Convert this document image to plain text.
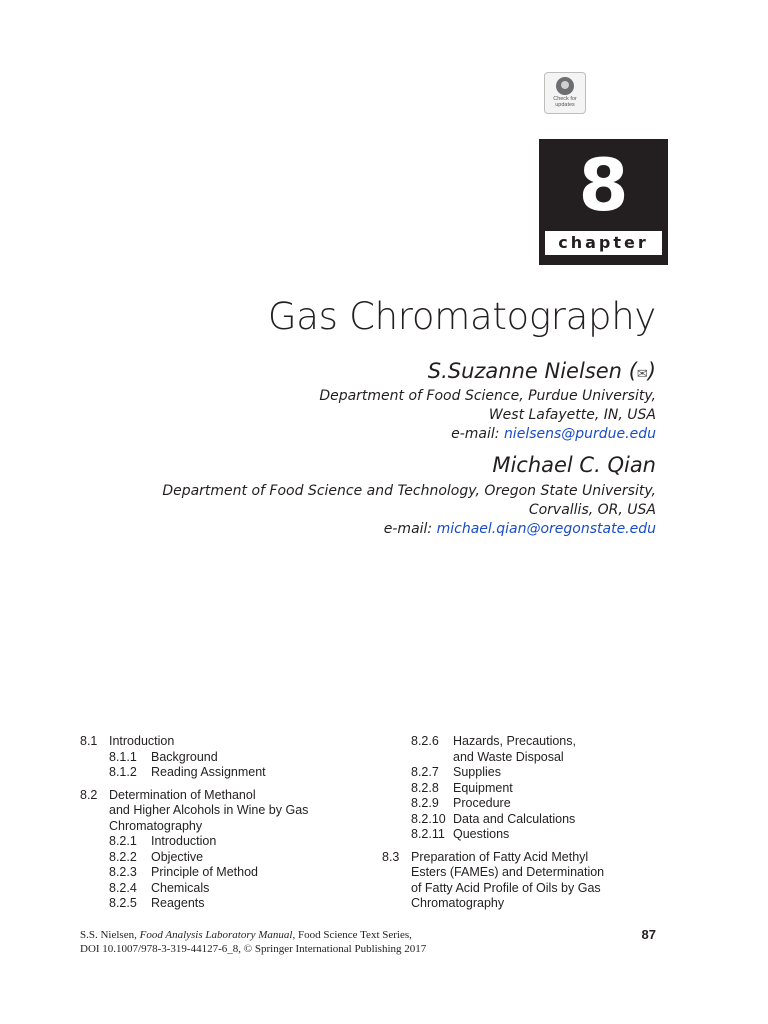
Check for
updates
8
chapter
Gas Chromatography
S.Suzanne Nielsen (✉)
Department of Food Science, Purdue University,
West Lafayette, IN, USA
e-mail: nielsens@purdue.edu
Michael C. Qian
Department of Food Science and Technology, Oregon State University,
Corvallis, OR, USA
e-mail: michael.qian@oregonstate.edu
8.1 Introduction
8.1.1 Background
8.1.2 Reading Assignment
8.2 Determination of Methanol
and Higher Alcohols in Wine by Gas
Chromatography
8.2.1 Introduction
8.2.2 Objective
8.2.3 Principle of Method
8.2.4 Chemicals
8.2.5 Reagents
8.2.6 Hazards, Precautions,
and Waste Disposal
8.2.7 Supplies
8.2.8 Equipment
8.2.9 Procedure
8.2.10 Data and Calculations
8.2.11 Questions
8.3 Preparation of Fatty Acid Methyl
Esters (FAMEs) and Determination
of Fatty Acid Profile of Oils by Gas
Chromatography
S.S. Nielsen, Food Analysis Laboratory Manual, Food Science Text Series,
DOI 10.1007/978-3-319-44127-6_8, © Springer International Publishing 2017
87
